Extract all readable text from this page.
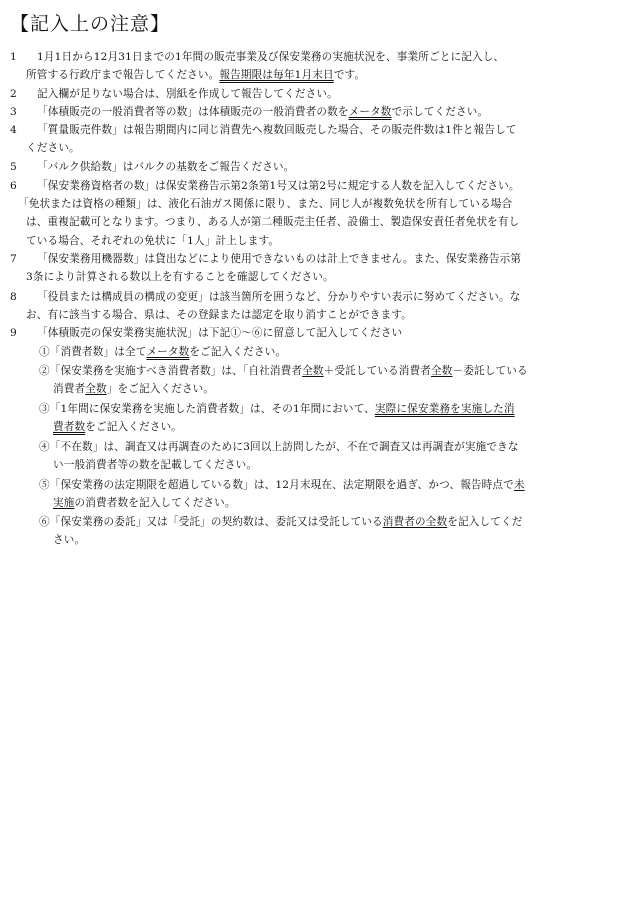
【記入上の注意】
1 1月1日から12月31日までの1年間の販売事業及び保安業務の実施状況を、事業所ごとに記入し、
所管する行政庁まで報告してください。報告期限は毎年1月末日です。
2 記入欄が足りない場合は、別紙を作成して報告してください。
3 「体積販売の一般消費者等の数」は体積販売の一般消費者の数をメータ数で示してください。
4 「質量販売件数」は報告期間内に同じ消費先へ複数回販売した場合、その販売件数は1件と報告して
ください。
5 「バルク供給数」はバルクの基数をご報告ください。
6 「保安業務資格者の数」は保安業務告示第2条第1号又は第2号に規定する人数を記入してください。
「免状または資格の種類」は、液化石油ガス関係に限り、また、同じ人が複数免状を所有している場合
は、重複記載可となります。つまり、ある人が第二種販売主任者、設備士、製造保安責任者免状を有し
ている場合、それぞれの免状に「1人」計上します。
7 「保安業務用機器数」は貸出などにより使用できないものは計上できません。また、保安業務告示第
3条により計算される数以上を有することを確認してください。
8 「役員または構成員の構成の変更」は該当箇所を囲うなど、分かりやすい表示に努めてください。な
お、有に該当する場合、県は、その登録または認定を取り消すことができます。
9 「体積販売の保安業務実施状況」は下記①～⑥に留意して記入してください
①「消費者数」は全てメータ数をご記入ください。
②「保安業務を実施すべき消費者数」は、「自社消費者全数＋受託している消費者全数－委託している
消費者全数」をご記入ください。
③「1年間に保安業務を実施した消費者数」は、その1年間において、実際に保安業務を実施した消
費者数をご記入ください。
④「不在数」は、調査又は再調査のために3回以上訪問したが、不在で調査又は再調査が実施できな
い一般消費者等の数を記載してください。
⑤「保安業務の法定期限を超過している数」は、12月末現在、法定期限を過ぎ、かつ、報告時点で未
実施の消費者数を記入してください。
⑥「保安業務の委託」又は「受託」の契約数は、委託又は受託している消費者の全数を記入してくだ
さい。
